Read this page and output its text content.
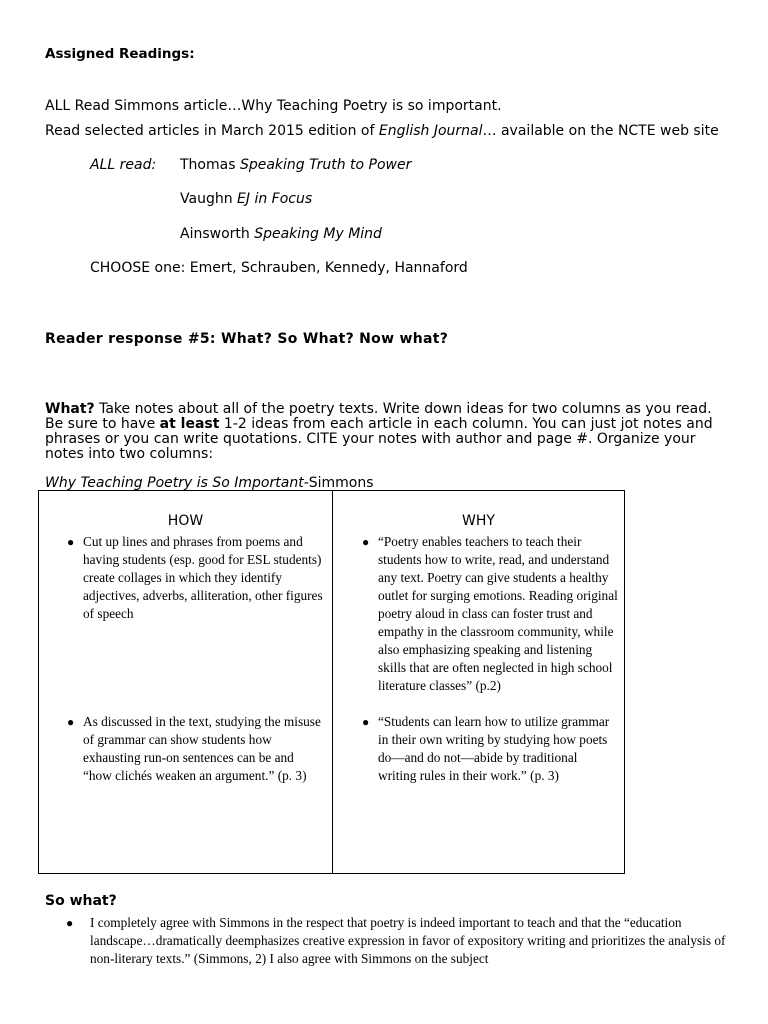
Assigned Readings:
ALL Read Simmons article…Why Teaching Poetry is so important.
Read selected articles in March 2015 edition of English Journal… available on the NCTE web site
ALL read: Thomas Speaking Truth to Power
Vaughn EJ in Focus
Ainsworth Speaking My Mind
CHOOSE one: Emert, Schrauben, Kennedy, Hannaford
Reader response #5: What? So What? Now what?
What? Take notes about all of the poetry texts. Write down ideas for two columns as you read. Be sure to have at least 1-2 ideas from each article in each column. You can just jot notes and phrases or you can write quotations. CITE your notes with author and page #. Organize your notes into two columns:
Why Teaching Poetry is So Important-Simmons
HOW	WHY
● Cut up lines and phrases from poems and having students (esp. good for ESL students) create collages in which they identify adjectives, adverbs, alliteration, other figures of speech
● As discussed in the text, studying the misuse of grammar can show students how exhausting run-on sentences can be and “how clichés weaken an argument.” (p. 3)
● “Poetry enables teachers to teach their students how to write, read, and understand any text. Poetry can give students a healthy outlet for surging emotions. Reading original poetry aloud in class can foster trust and empathy in the classroom community, while also emphasizing speaking and listening skills that are often neglected in high school literature classes” (p.2)
● “Students can learn how to utilize grammar in their own writing by studying how poets do—and do not—abide by traditional writing rules in their work.” (p. 3)
So what?
● I completely agree with Simmons in the respect that poetry is indeed important to teach and that the “education landscape…dramatically deemphasizes creative expression in favor of expository writing and prioritizes the analysis of non-literary texts.” (Simmons, 2) I also agree with Simmons on the subject
